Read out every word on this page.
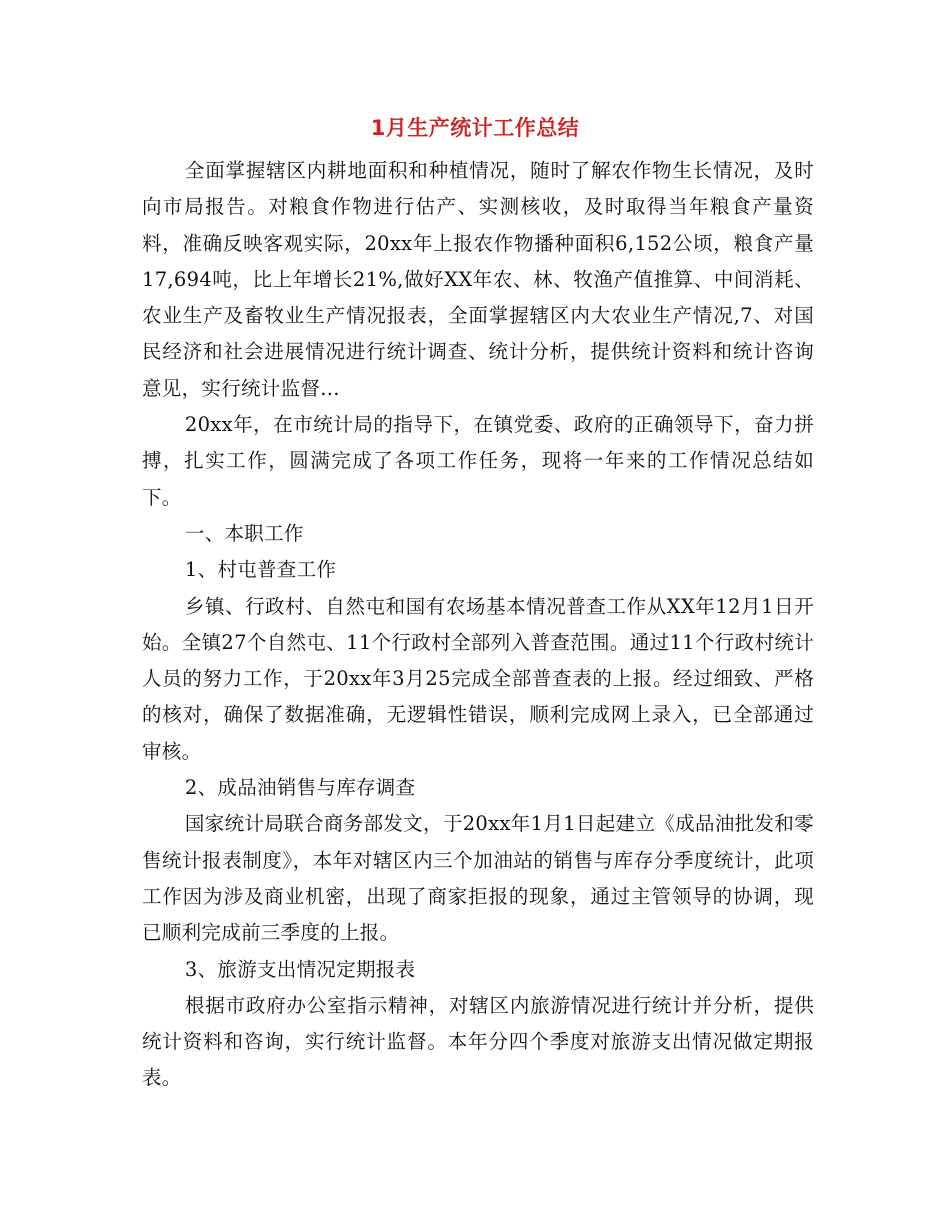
1月生产统计工作总结

全面掌握辖区内耕地面积和种植情况，随时了解农作物生长情况，及时向市局报告。对粮食作物进行估产、实测核收，及时取得当年粮食产量资料，准确反映客观实际，20xx年上报农作物播种面积6,152公顷，粮食产量17,694吨，比上年增长21%,做好XX年农、林、牧渔产值推算、中间消耗、农业生产及畜牧业生产情况报表，全面掌握辖区内大农业生产情况,7、对国民经济和社会进展情况进行统计调查、统计分析，提供统计资料和统计咨询意见，实行统计监督...

20xx年，在市统计局的指导下，在镇党委、政府的正确领导下，奋力拼搏，扎实工作，圆满完成了各项工作任务，现将一年来的工作情况总结如下。

一、本职工作

1、村屯普查工作

乡镇、行政村、自然屯和国有农场基本情况普查工作从XX年12月1日开始。全镇27个自然屯、11个行政村全部列入普查范围。通过11个行政村统计人员的努力工作，于20xx年3月25完成全部普查表的上报。经过细致、严格的核对，确保了数据准确，无逻辑性错误，顺利完成网上录入，已全部通过审核。

2、成品油销售与库存调查

国家统计局联合商务部发文，于20xx年1月1日起建立《成品油批发和零售统计报表制度》，本年对辖区内三个加油站的销售与库存分季度统计，此项工作因为涉及商业机密，出现了商家拒报的现象，通过主管领导的协调，现已顺利完成前三季度的上报。

3、旅游支出情况定期报表

根据市政府办公室指示精神，对辖区内旅游情况进行统计并分析，提供统计资料和咨询，实行统计监督。本年分四个季度对旅游支出情况做定期报表。
